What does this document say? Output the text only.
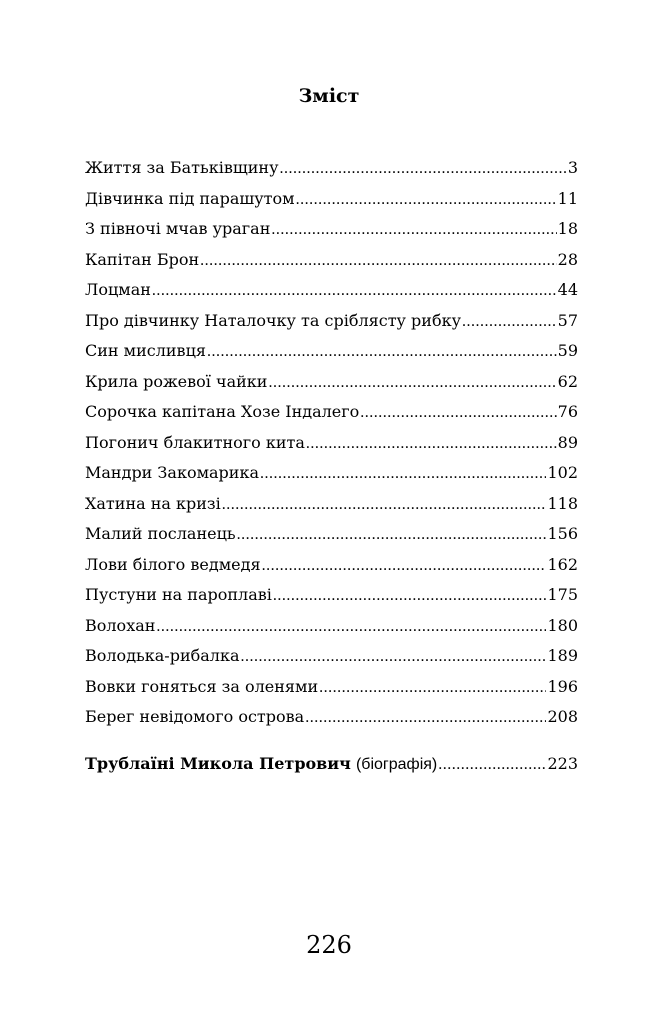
Зміст
Життя за Батьківщину .....	3
Дівчинка під парашутом .....	11
З півночі мчав ураган .....	18
Капітан Брон .....	28
Лоцман .....	44
Про дівчинку Наталочку та сріблясту рибку .....	57
Син мисливця .....	59
Крила рожевої чайки .....	62
Сорочка капітана Хозе Індалего .....	76
Погонич блакитного кита .....	89
Мандри Закомарика .....	102
Хатина на кризі .....	118
Малий посланець .....	156
Лови білого ведмедя .....	162
Пустуни на пароплаві .....	175
Волохан .....	180
Володька-рибалка .....	189
Вовки гоняться за оленями .....	196
Берег невідомого острова .....	208
Трублаїні Микола Петрович (біографія) .....	223
226
